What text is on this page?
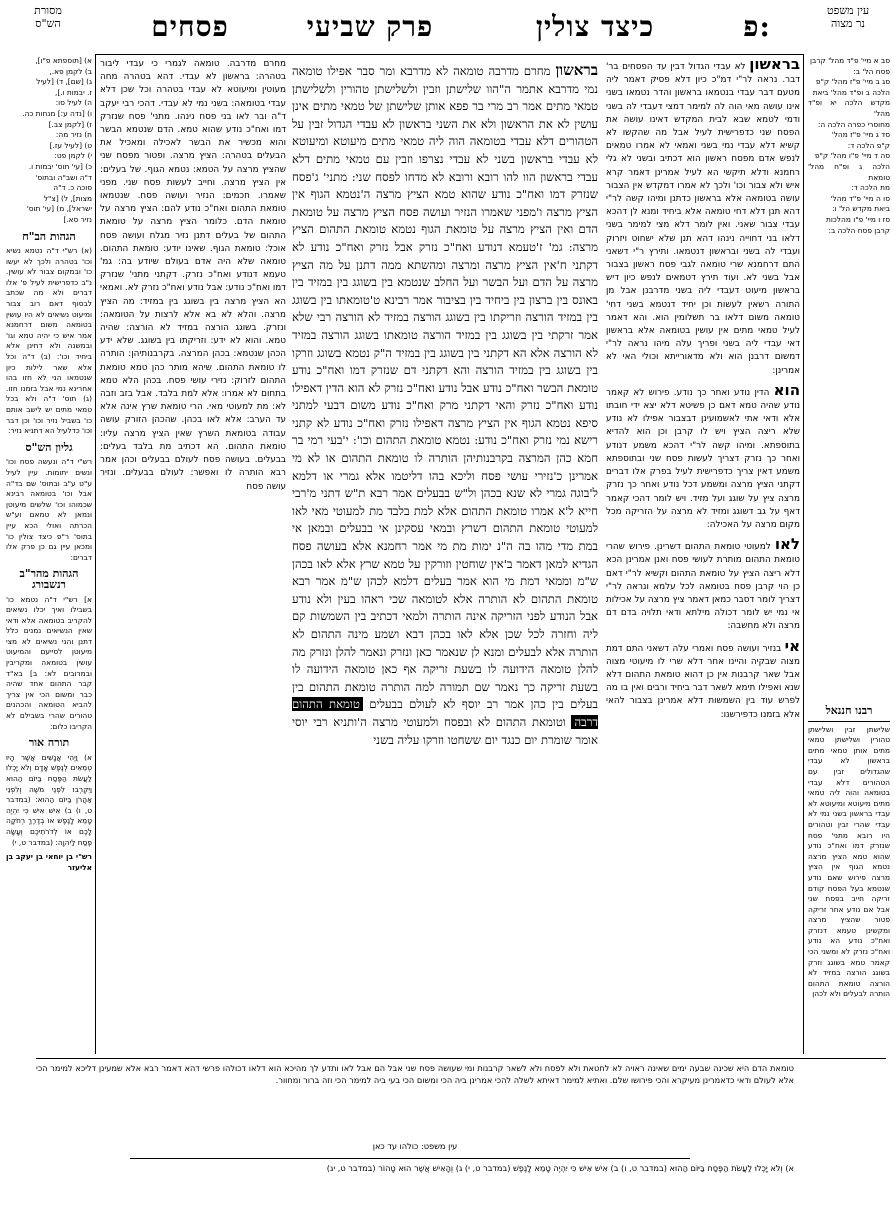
עין משפט
נר מצוה
מסורת
הש"ס	פ:
כיצד צולין
פרק שביעי
פסחים
סב א מיי' פ"ד מהל' קרבן
פסח הל' ב:
סג ב מיי' פ"ז מהל' ק"פ
הלכה ב ופ"ד מהל' ביאת
מקדש הלכה יא ופ"ד מהל'
מחוסרי כפרה הלכה ה:
סד ג מיי' פ"ז מהל'
ק"פ הלכה ד:
סה ד מיי' פ"ו מהל' ק"פ
הלכה ג ופ"ח מהל' טומאת
מת הלכה ד:
סו ה מיי' פ"ד מהל'
ביאת מקדש הל' ו:
סז ו מיי' פ"ו מהלכות
קרבן פסח הלכה ב:
רבנו חננאל
שלישתן זבין ושלישתן טהורין ושלישתן טמאי מתים אותן טמאי מתים בראשון לא עבדי שהגדולים זבין עם הטהורים דלא עבדי בטומאה והוה ליה טמאי מתים מיעוטא ומיעוטא לא עבדי בראשון בשני נמי לא עבדי שהרי זבין וטהורים היו רובא מתני' פסח שנזרק דמו ואח"כ נודע שהוא טמא הציץ מרצה נטמא הגוף אין הציץ מרצה פירוש שאם נודע שנטמא בעל הפסח קודם זריקה חייב בפסח שני אבל אם נודע אחר זריקה פטור שהציץ מרצה ומקשינן טעמא דנזרק ואח"כ נודע הא נודע ואח"כ נזרק לא ומשני הכי קאמר טמא בשוגג וזרק בשוגג הורצה במזיד לא הורצה טומאת התהום הותרה לבעלים ולא לכהן
א) [תוספתא פ"ו],
ב) לקמן פא.,
ג) [שם], ד) [לעיל
ז. יבמות ו.],
ה) לעיל סו:
ו) [נדה ע:] מנחות כה.
ז) [לקמן צב.]
ח) נזיר מה:
ט) [לעיל עז.]
י) לקמן פט:
כ) [עי' תוס' יבמות ו.
ד"ה ושב"ה ובתוס'
סוכה כ. ד"ה
מצות], ל) [צ"ל
ישראל], מ) [עי' תוס'
נזיר סא.]
הגהות הב"ח
(א) רש"י ד"ה נטמא נשיא וכו' בטהרה ולכך לא יעשו כו' ובמקום צבור לא עושין. נ"ב כדפרישית לעיל פ' אלו דברים ולא מה שכתב לבסוף דאם רוב צבור ומיעוט נשיאים לא היו עושין בטומאה משום דרחמנא אמר איש כי יהיה טמא וגו' ובמשנה ולא דחינן אלא ביחיד וכו': (ב) ד"ה וכל אלא שאר לילות כיון שנטמאו הני לא חזו בהו אחרינא נמי אבל בזמנו חזו. (ג) תוס' ד"ה ולא בכל טמאי מתים יש לישב אותם כו' בשביל נזיר וכו' וכן דבר וכו' כדלעיל הא דתניא נזיר:
גליון הש"ס
רש"י ד"ה ונעשה פסח וכו' ונשים יתומות. עיין לעיל ע"ט ע"ב ובתוס' שם בד"ה אבל וכו' בטומאה רבינא שכמוהו וכו' שלשים מיעוטן ונמאן לא טמאם וע"ש הכרתה ואולי הכא עיין בתוס' ר"פ כיצד צולין כו' ומכאן עיין גם כן פרק אלו דברים:
הגהות מהר"ב
רנשבורג
א] רש"י ד"ה נטמא כו' בשבילו ואיך יכלו נשיאים להקריב בטומאה אלא ודאי שאין הנשיאים נמנים כלל דתנן והני נשיאים לא מצי מיעוטן לסייעם והמיעוט עושין בטומאה ומקריבין ובמרובים לא: ב] בא"ד קבר התהום אחד שהיה כבר ומשום הכי אין צריך להביא הטומאה והכהנים טהורים שהרי בשבילם לא הקריבו כלום:
תורה אור
א) וַיְהִי אֲנָשִׁים אֲשֶׁר הָיוּ טְמֵאִים לְנֶפֶשׁ אָדָם וְלֹא יָכְלוּ לַעֲשֹׂת הַפֶּסַח בַּיּוֹם הַהוּא וַיִּקְרְבוּ לִפְנֵי מֹשֶׁה וְלִפְנֵי אַהֲרֹן בַּיּוֹם הַהוּא: (במדבר ט, ו) ב) אִישׁ אִישׁ כִּי יִהְיֶה טָמֵא לָנֶפֶשׁ אוֹ בְדֶרֶךְ רְחֹקָה לָכֶם אוֹ לְדֹרֹתֵיכֶם וְעָשָׂה פֶסַח לַיהוָה: (במדבר ט, י)
רש"י בן יוחאי בן יעקב בן אליעזר
בראשון לא עבדי הגדול דבין עד הפסחים בר' דבר. נראה לר"י דמ"כ כיון דלא פסיק דאמר ליה מטעם דבר עבדי בנטמאו בראשון והדר נטמאו בשני אינו עושה מאי הוה לה למימר דמצי דעבדי לה בשני ודמי לטמא שבא לבית המקדש דאינו עושה את הפסח שני כדפרישית לעיל אבל מה שהקשו לא קשיא דלא עבדי נמי בשני ואמאי לא אמרו טמאים לנפש אדם מפסח ראשון הוא דכתיב ובשני לא גלי רחמנא ודלא תיקשי הא לעיל אמרינן דאמר קרא איש ולא צבור וכו' ולכך לא אמרו דמקדש אין הצבור עושה בטומאה אלא בראשון כדתנן ומיהו קשה לר"י דהא תנן דלא דחי טומאה אלא ביחיד ומנא לן דהכא עבדי צבור שאני. ואין לומר דלא מצי למימר בשני דלאו בני דחוייה נינהו דהא תנן שלא ישחוט ויזרוק ועבדי לה בשני ובראשון דנטמאו. ותירץ ר"י דשאני התם דרחמנא שרי טומאה לגבי פסח ראשון בצבור אבל בשני לא. ועוד תירץ דטמאים לנפש כיון דיש בראשון מיעוט דעבדי ליה בשני מדרבנן אבל מן התורה רשאין לעשות וכן יחיד דנטמא בשני דחי' טומאה משום דלאו בר תשלומין הוא. והא דאמר לעיל טמאי מתים אין עושין בטומאה אלא בראשון דאי עבדי ליה בשני ופריך עלה מיהו נראה לר"י דמשום דרבנן הוא ולא מדאורייתא וכולי האי לא אמרינן:
הוא הדין נודע ואחר כך נודע. פירוש לא קאמר נודע שהיה טמא דאם כן פשיטא דלא יצא ידי חובתו אלא ודאי אתי לאשמועינן דבצבור אפילו לא נודע שלא ריצה הציץ ויש לו קרבן וכן הוא להדיא בתוספתא. ומיהו קשה לר"י דהכא משמע דנודע ואחר כך נזרק דצריך לעשות פסח שני ובתוספתא משמע דאין צריך כדפרישית לעיל בפרק אלו דברים דקתני הציץ מרצה ומשמע דכל נודע ואחר כך נזרק מרצה ציץ על שוגג ועל מזיד. ויש לומר דהכי קאמר דאף על גב דשוגג ומזיד לא מרצה על הזריקה מכל מקום מרצה על האכילה:
לאו למעוטי טומאת התהום דשרינן. פירוש שהרי טומאת התהום מותרת לעושי פסח ואנן אמרינן הכא דלא ריצה הציץ על טומאת התהום וקשיא לר"י דאם כן הוי קרבן פסח בטומאה לכל עלמא ונראה לר"י דצריך לומר דסבר כמאן דאמר ציץ מרצה על אכילות אי נמי יש לומר דכולה מילתא ודאי תלויה בדם דם מרצה ולא מחשבה:
אי בנזיר ועושה פסח ואמרי עלה דשאני התם דמת מצוה שבקיה והיינו אחר דלא שרי לו מיעוטי מצוה אבל שאר קרבנות אין כן דהוא טומאת התהום דלא שנא ואפילו תימא לשאר דבר ביחיד ורבים ואין בו מה לפרש עוד בין השמשות דלא אמרינן בצבור להאי אלא בזמנו כדפירשנו:
בראשון מחרם מדרבה טומאה לא מדרבא ומר סבר אפילו טומאה נמי מדרבא אתמר ה"הוו שלישתן וזבין ולשלישתן טהורין ולשלישתן טמאי מתים אמר רב מרי בר פפא אותן שלישתן של טמאי מתים אינן עושין לא את הראשון ולא את השני בראשון לא עבדי הגדול זבין על הטהורים דלא עבדי בטומאה הוה ליה טמאי מתים מיעוטא ומיעוטא לא עבדי בראשון בשני לא עבדי נצרפו וזבין עם טמאי מתים דלא עבדי בראשון הוו להו רובא ורובא לא מדחו לפסח שני: מתני' ג'פסח שנזרק דמו ואח"כ נודע שהוא טמא הציץ מרצה ה'נטמא הגוף אין הציץ מרצה ו'מפני שאמרו הנזיר ועושה פסח הציץ מרצה על טומאת הדם ואין הציץ מרצה על טומאת הגוף נטמא טומאת התהום הציץ מרצה: גמ' ז'טעמא דנודע ואח"כ נזרק אבל נזרק ואח"כ נודע לא דקתני ח'אין הציץ מרצה ומרצה ומהשתא ממה דתנן על מה הציץ מרצה על הדם ועל הבשר ועל החלב שנטמא בין בשוגג בין במזיד בין באונס בין ברצון בין ביחיד בין בציבור אמר רבינא ט'טומאתו בין בשוגג בין במזיד הורצה וזריקתו בין בשוגג הורצה במזיד לא הורצה רבי שלא אמר זרקתי בין בשוגג בין במזיד הורצה טומאתו בשוגג הורצה במזיד לא הורצה אלא הא דקתני בין בשוגג בין במזיד ה"ק נטמא בשוגג וזרקו בין בשוגג בין במזיד הורצה והא דקתני דם שנזרק דמו ואח"כ נודע טומאת הבשר ואח"כ נודע אבל נודע ואח"כ נזרק לא הוא הדין דאפילו נודע ואח"כ נזרק והאי דקתני מרק ואח"כ נודע משום דבעי למתני סיפא נטמא הגוף אין הציץ מרצה דאפילו נזרק ואח"כ נודע לא קתני רישא נמי נזרק ואח"כ נודע: נטמא טומאת התהום וכו': י'בעי רמי בר חמא כהן המרצה בקרבנותיהן הותרה לו טומאת התהום או לא מי אמרינן כ'נזירי עושי פסח וליכא בהו דליטמו אלא גמרי או דלמא ל'בוגה גמרי לא שנא בכהן ול"ש בבעלים אמר רבא ת"ש דתני מ'רבי חייא ל'א אמרו טומאת התהום אלא למת בלבד מת למעוטי מאי לאו למעוטי טומאת התהום דשרץ ובמאי עסקינן אי בבעלים ובמאן אי במת מדי מהו בה ה"נ ימות מת מי אמר רחמנא אלא בעושה פסח הגדיא למאן דאמר ב'אין שוחטין וזורקין על טמא שרץ אלא לאו בכהן ש"מ וממאי דמת מי הוא אמר בעלים דלמא לכהן ש"מ אמר רבא טומאת התהום לא הותרה אלא לטומאה שכי ראהו בעין ולא נודע אבל הנודע לפני הזריקה אינה הותרה ולמאי דכתיב בין השמשות קם ליה וחזרה לכל שכן אלא לאו בכהן דבא ושמע מינה התהום לא הותרה אלא לבעלים ומנא לן שנאמר כאן ונזרק ונאמר להלן ונזרק מה להלן טומאה הידועה לו בשעת זריקה אף כאן טומאה הידועה לו בשעת זריקה כך נאמר שם תמורה למה הותרה טומאת התהום בין בעלים בין כהן אמר רב יוסף לא לעולם בבעלים טומאת התהום דרבה וטומאת התהום לא ובפסח ולמעוטי מרצה ה'ותניא רבי יוסי אומר שומרת יום כנגד יום ששחטו וזרקו עליה בשני
מחרם מדרבה. טומאה לגמרי כי עבדי ליבור בטהרה: בראשון לא עבדי. דהא בטהרה מחה מעוטין ומיעוטא לא עבדי בטהרה וכל שכן דלא עבדי בטומאה: בשני נמי לא עבדי. דהכי רבי יעקב ד"ה ובר לאו בני פסח נינהו. מתני' פסח שנזרק דמו ואח"כ נודע שהוא טמא. הדם שנטמא הבשר והוא מכשיר את הבשר לאכילה ומאכיל את הבעלים בטהרה: הציץ מרצה. ופטור מפסח שני שהציץ מרצה על הטמא: נטמא הגוף. של בעלים: אין הציץ מרצה. וחייב לעשות פסח שני. מפני שאמרו. חכמים: הנזיר ועושה פסח. שנטמאו טומאת התהום ואח"כ נודע להם: הציץ מרצה על טומאת הדם. כלומר הציץ מרצה על טומאת התהום של בעלים דתנן נזיר מגלח ועושה פסח אוכל: טומאת הגוף. שאינו יודע: טומאת התהום. טומאה שלא היה אדם בעולם שיודע בה: גמ' טעמא דנודע ואח"כ נזרק. דקתני מתני' שנזרק דמו ואח"כ נודע: אבל נודע ואח"כ נזרק לא. ואמאי הא הציץ מרצה בין בשוגג בין במזיד: מה הציץ מרצה. והלא לא בא אלא לרצות על הטומאה: ונזרק. בשוגג הורצה במזיד לא הורצה: שהיה טמא. והוא לא ידע: וזריקתו בין בשוגג. שלא ידע הכהן שנטמא: בכהן המרצה. בקרבנותיהן: הותרה לו טומאת התהום. שיהא מותר כהן טמא טומאת התהום לזרוק: נזירי עושי פסח. בכהן הלא טמא בתחום לא אמרו: אלא למת בלבד. אבל בזב וזבה לא: מת למעוטי מאי. הרי טומאת שרץ אינה אלא עד הערב: אלא לאו בכהן. שהכהן הזורק עושה עבודה בטומאת השרץ שאין הציץ מרצה עליו: טומאת התהום. הא דכתיב מת בלבד בעלים: בבעלים. בעושה פסח לעולם בבעלים וכהן אמר רבא הותרה לו ואפשר: לעולם בבעלים. ונזיר עושה פסח
טומאת הדם היא שכינה שבעה ימים שאינה ראויה לא לחטאת ולא לפסח ולא לשאר קרבנות ומי שעושה פסח שני אבל הם אבל לאו ותדע לך מהיכא הוא דלאו דכולהו פרשי דהא דאמר רבא אלא שמעינן דליכא למימר הכי אלא לעולם ודאי כדאמרינן מעיקרא והכי פירושו שלם. ואתיא למימר דאיתא לשלה להכי אמרינן ביה הכי ומשום הכי בעי ביה למימר הכי וזה ברור ומחוור.
עין משפט: כולהו עד כאן
א) וְלֹא יָכְלוּ לַעֲשֹׂת הַפֶּסַח בַּיּוֹם הַהוּא (במדבר ט, ו) ב) אִישׁ אִישׁ כִּי יִהְיֶה טָמֵא לָנֶפֶשׁ (במדבר ט, י) ג) וְהָאִישׁ אֲשֶׁר הוּא טָהוֹר (במדבר ט, יג)
